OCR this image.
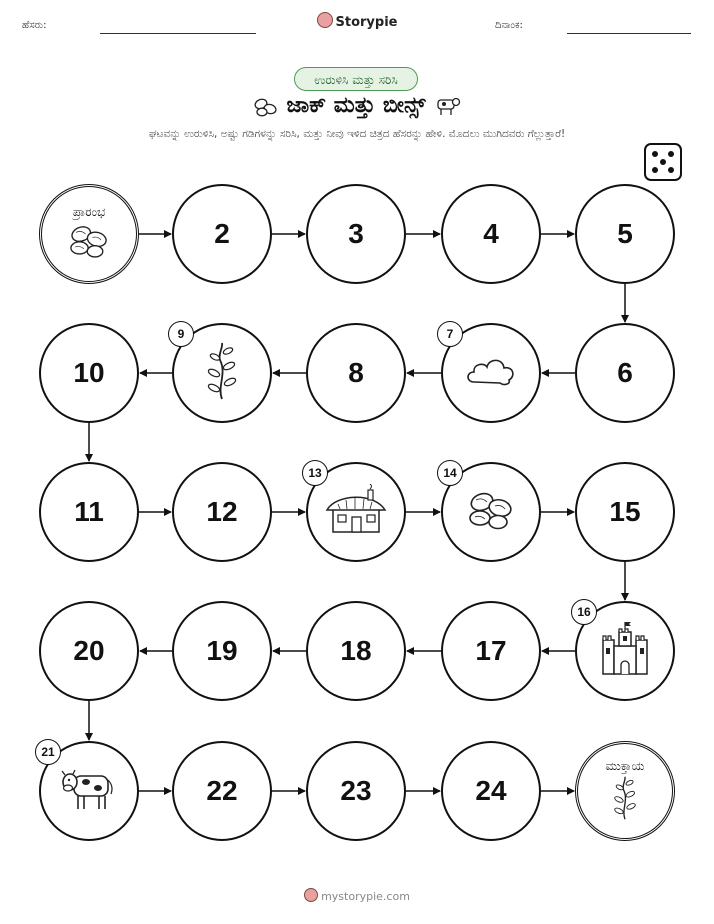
ಹೆಸರು:	Storypie	ದಿನಾಂಕ:
ಉರುಳಿಸಿ ಮತ್ತು ಸರಿಸಿ
ಜಾಕ್ ಮತ್ತು ಬೀನ್ಸ್
ಘಟವನ್ನು ಉರುಳಿಸಿ, ಅಷ್ಟು ಗಡಿಗಳನ್ನು ಸರಿಸಿ, ಮತ್ತು ನೀವು ಇಳಿದ ಚಿತ್ರದ ಹೆಸರನ್ನು ಹೇಳಿ. ಮೊದಲು ಮುಗಿದವರು ಗೆಲ್ಲುತ್ತಾರೆ!
ಪ್ರಾರಂಭ
2	3	4	5
10
9
8
7
6
11	12
13	14
15
20	19	18	17
16
21
22	23	24
ಮುಕ್ತಾಯ
mystorypie.com
